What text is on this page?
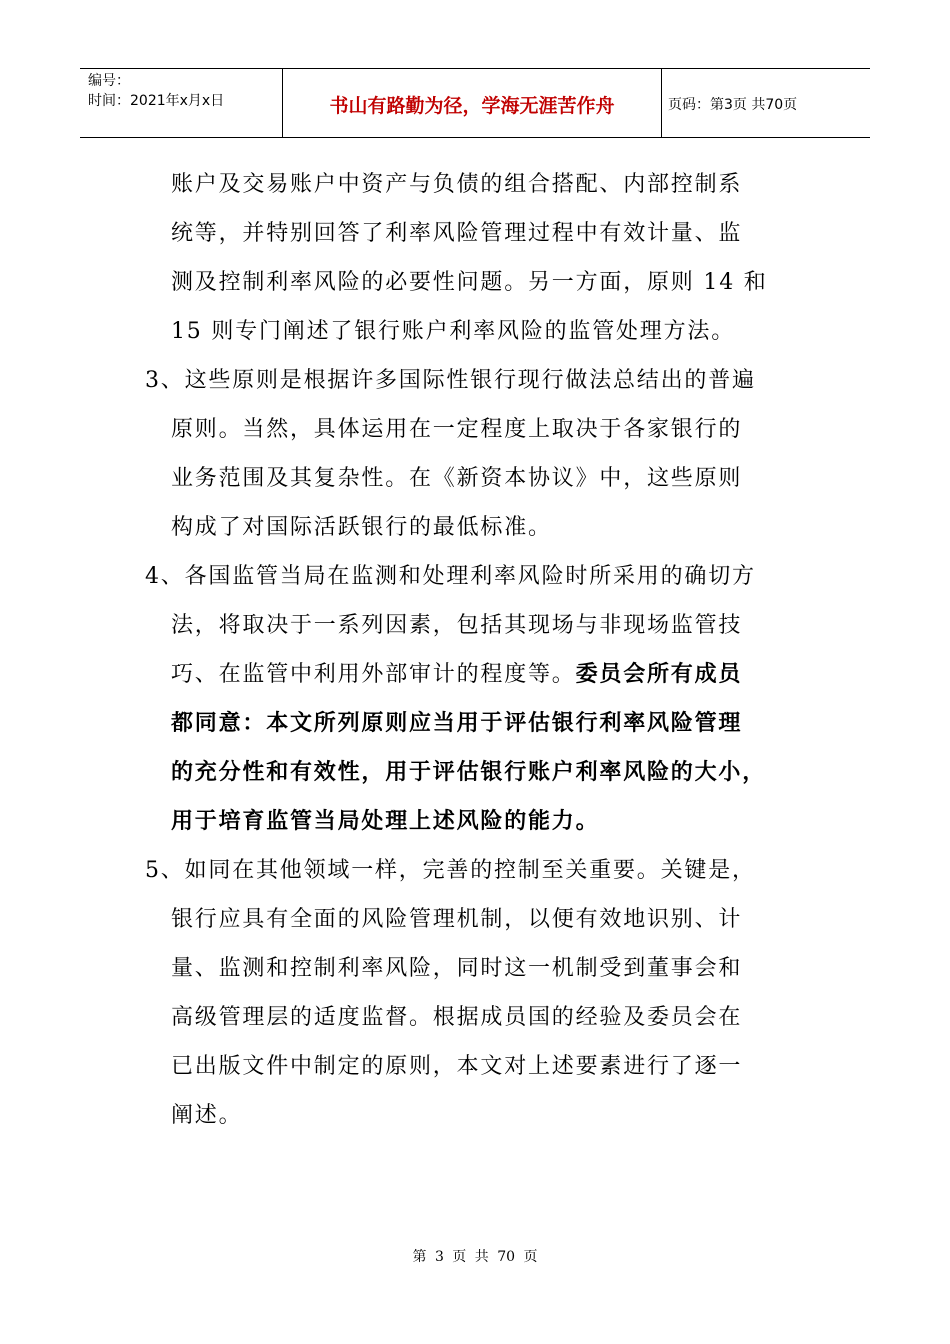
编号：
时间：2021年x月x日	书山有路勤为径，学海无涯苦作舟	页码：第3页 共70页

账户及交易账户中资产与负债的组合搭配、内部控制系
统等，并特别回答了利率风险管理过程中有效计量、监
测及控制利率风险的必要性问题。另一方面，原则 14 和
15 则专门阐述了银行账户利率风险的监管处理方法。

3、这些原则是根据许多国际性银行现行做法总结出的普遍
原则。当然，具体运用在一定程度上取决于各家银行的
业务范围及其复杂性。在《新资本协议》中，这些原则
构成了对国际活跃银行的最低标准。

4、各国监管当局在监测和处理利率风险时所采用的确切方
法，将取决于一系列因素，包括其现场与非现场监管技
巧、在监管中利用外部审计的程度等。委员会所有成员
都同意：本文所列原则应当用于评估银行利率风险管理
的充分性和有效性，用于评估银行账户利率风险的大小，
用于培育监管当局处理上述风险的能力。

5、如同在其他领域一样，完善的控制至关重要。关键是，
银行应具有全面的风险管理机制，以便有效地识别、计
量、监测和控制利率风险，同时这一机制受到董事会和
高级管理层的适度监督。根据成员国的经验及委员会在
已出版文件中制定的原则，本文对上述要素进行了逐一
阐述。

第 3 页 共 70 页
